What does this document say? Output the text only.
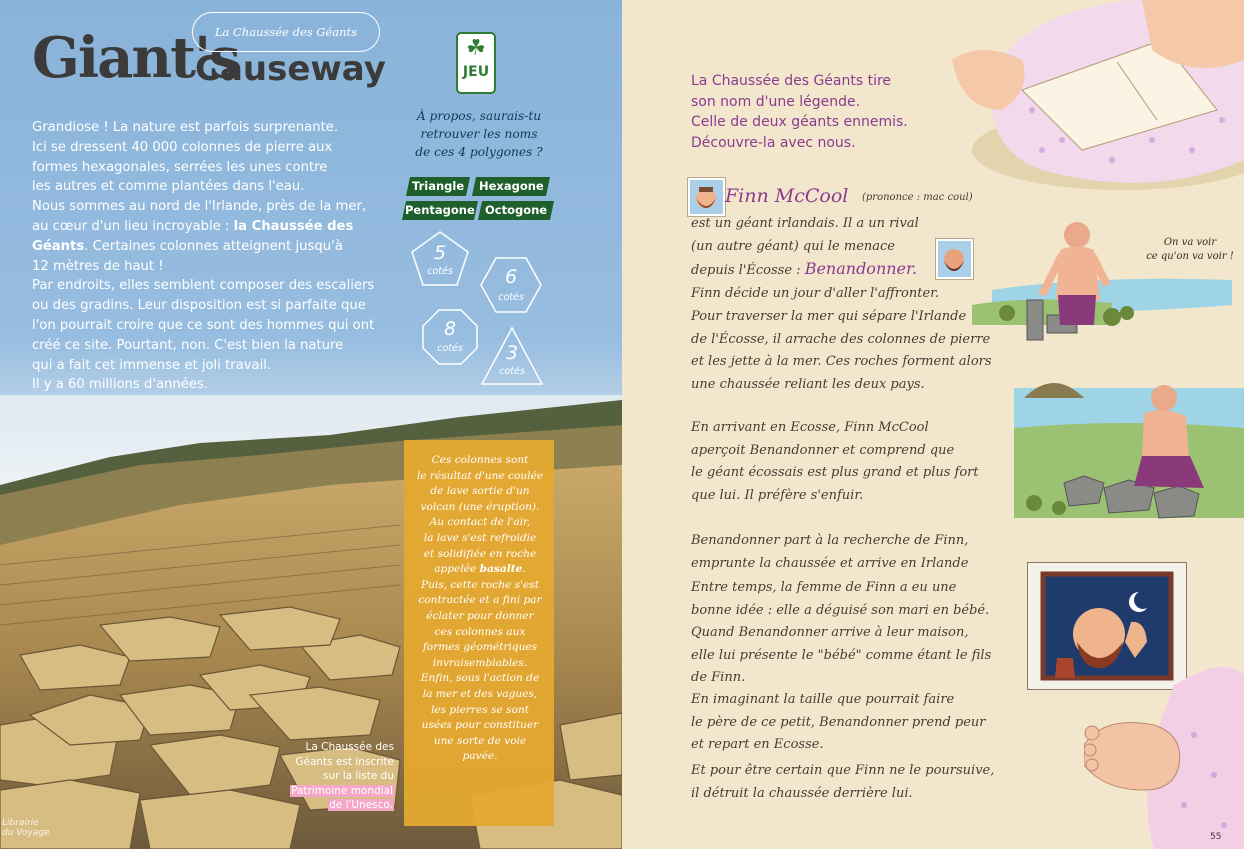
Giant's
Causeway
La Chaussée des Géants
Grandiose ! La nature est parfois surprenante.
Ici se dressent 40 000 colonnes de pierre aux
formes hexagonales, serrées les unes contre
les autres et comme plantées dans l'eau.
Nous sommes au nord de l'Irlande, près de la mer,
au cœur d'un lieu incroyable : la Chaussée des
Géants. Certaines colonnes atteignent jusqu'à
12 mètres de haut !
Par endroits, elles semblent composer des escaliers
ou des gradins. Leur disposition est si parfaite que
l'on pourrait croire que ce sont des hommes qui ont
créé ce site. Pourtant, non. C'est bien la nature
qui a fait cet immense et joli travail.
Il y a 60 millions d'années.
☘
JEU
À propos, saurais-tu
retrouver les noms
de ces 4 polygones ?
Triangle	Hexagone
Pentagone Octogone
5
cotés	6
cotés
8
cotés	3
cotés
Ces colonnes sont
le résultat d'une coulée
de lave sortie d'un
volcan (une éruption).
Au contact de l'air,
la lave s'est refroidie
et solidifiée en roche
appelée basalte.
Puis, cette roche s'est
contractée et a fini par
éclater pour donner
ces colonnes aux
formes géométriques
invraisemblables.
Enfin, sous l'action de
la mer et des vagues,
les pierres se sont
usées pour constituer
une sorte de voie
pavée.
La Chaussée des
Géants est inscrite
sur la liste du
Patrimoine mondial
de l'Unesco.
Librairie
du Voyage
La Chaussée des Géants tire
son nom d'une légende.
Celle de deux géants ennemis.
Découvre-la avec nous.
Finn McCool (prononce : mac coul)
est un géant irlandais. Il a un rival
(un autre géant) qui le menace
depuis l'Écosse : Benandonner.
Finn décide un jour d'aller l'affronter.
Pour traverser la mer qui sépare l'Irlande
de l'Écosse, il arrache des colonnes de pierre
et les jette à la mer. Ces roches forment alors
une chaussée reliant les deux pays.
En arrivant en Ecosse, Finn McCool
aperçoit Benandonner et comprend que
le géant écossais est plus grand et plus fort
que lui. Il préfère s'enfuir.
Benandonner part à la recherche de Finn,
emprunte la chaussée et arrive en Irlande
Entre temps, la femme de Finn a eu une
bonne idée : elle a déguisé son mari en bébé.
Quand Benandonner arrive à leur maison,
elle lui présente le "bébé" comme étant le fils
de Finn.
En imaginant la taille que pourrait faire
le père de ce petit, Benandonner prend peur
et repart en Ecosse.
Et pour être certain que Finn ne le poursuive,
il détruit la chaussée derrière lui.
On va voir
ce qu'on va voir !
55
